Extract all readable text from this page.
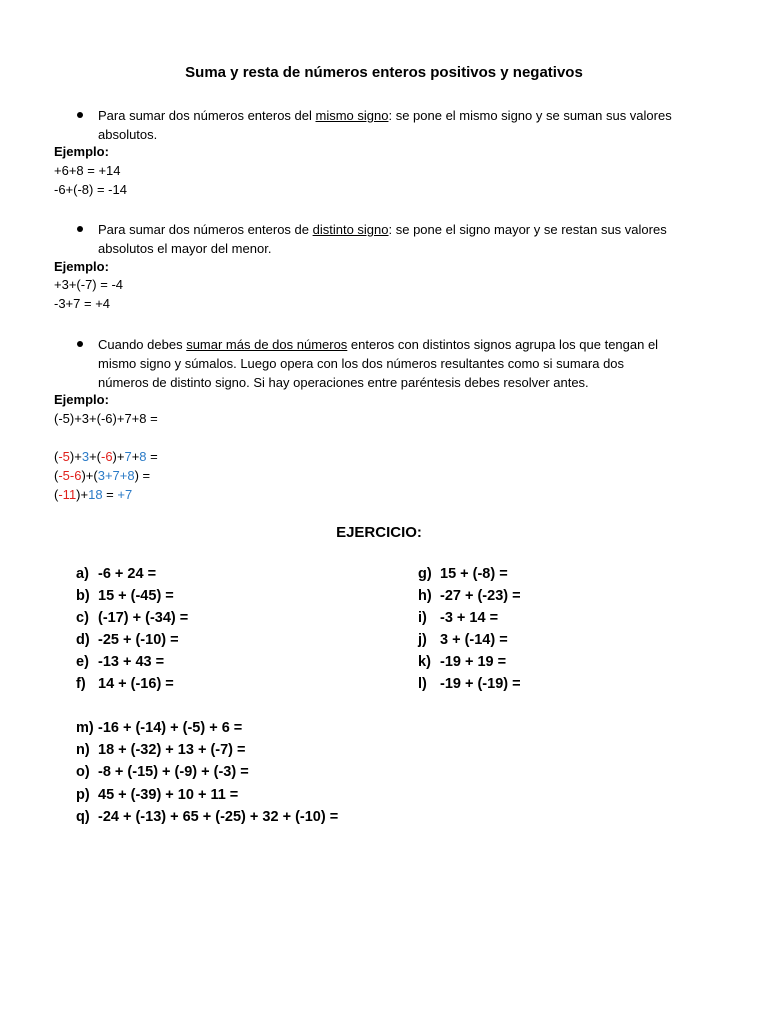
Suma y resta de números enteros positivos y negativos
Para sumar dos números enteros del mismo signo: se pone el mismo signo y se suman sus valores
absolutos.
Ejemplo:
+6+8 = +14
-6+(-8) = -14
Para sumar dos números enteros de distinto signo: se pone el signo mayor y se restan sus valores
absolutos el mayor del menor.
Ejemplo:
+3+(-7) = -4
-3+7 = +4
Cuando debes sumar más de dos números enteros con distintos signos agrupa los que tengan el
mismo signo y súmalos. Luego opera con los dos números resultantes como si sumara dos
números de distinto signo. Si hay operaciones entre paréntesis debes resolver antes.
Ejemplo:
(-5)+3+(-6)+7+8 =
(-5)+3+(-6)+7+8 =
(-5-6)+(3+7+8) =
(-11)+18 = +7
EJERCICIO:
a) -6 + 24 =
b) 15 + (-45) =
c) (-17) + (-34) =
d) -25 + (-10) =
e) -13 + 43 =
f) 14 + (-16) =
g) 15 + (-8) =
h) -27 + (-23) =
i) -3 + 14 =
j) 3 + (-14) =
k) -19 + 19 =
l) -19 + (-19) =
m) -16 + (-14) + (-5) + 6 =
n) 18 + (-32) + 13 + (-7) =
o) -8 + (-15) + (-9) + (-3) =
p) 45 + (-39) + 10 + 11 =
q) -24 + (-13) + 65 + (-25) + 32 + (-10) =
